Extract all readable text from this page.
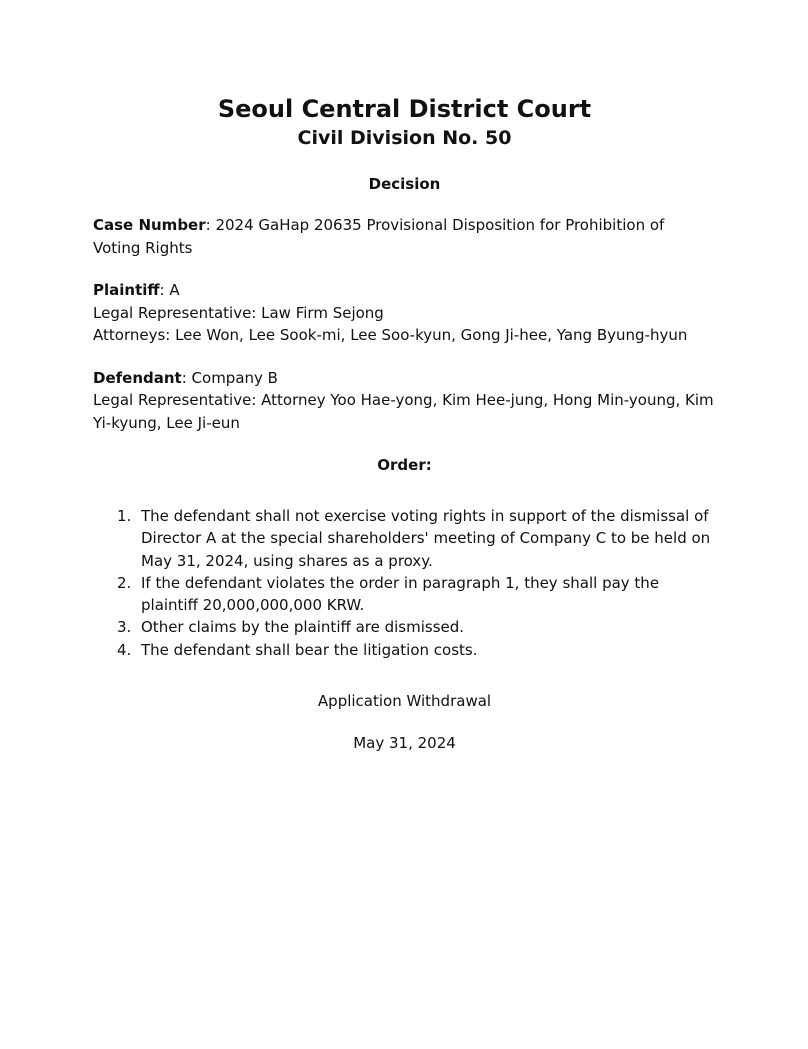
Seoul Central District Court
Civil Division No. 50
Decision
Case Number: 2024 GaHap 20635 Provisional Disposition for Prohibition of Voting Rights
Plaintiff: A
Legal Representative: Law Firm Sejong
Attorneys: Lee Won, Lee Sook-mi, Lee Soo-kyun, Gong Ji-hee, Yang Byung-hyun
Defendant: Company B
Legal Representative: Attorney Yoo Hae-yong, Kim Hee-jung, Hong Min-young, Kim Yi-kyung, Lee Ji-eun
Order:
1. The defendant shall not exercise voting rights in support of the dismissal of Director A at the special shareholders' meeting of Company C to be held on May 31, 2024, using shares as a proxy.
2. If the defendant violates the order in paragraph 1, they shall pay the plaintiff 20,000,000,000 KRW.
3. Other claims by the plaintiff are dismissed.
4. The defendant shall bear the litigation costs.
Application Withdrawal
May 31, 2024
